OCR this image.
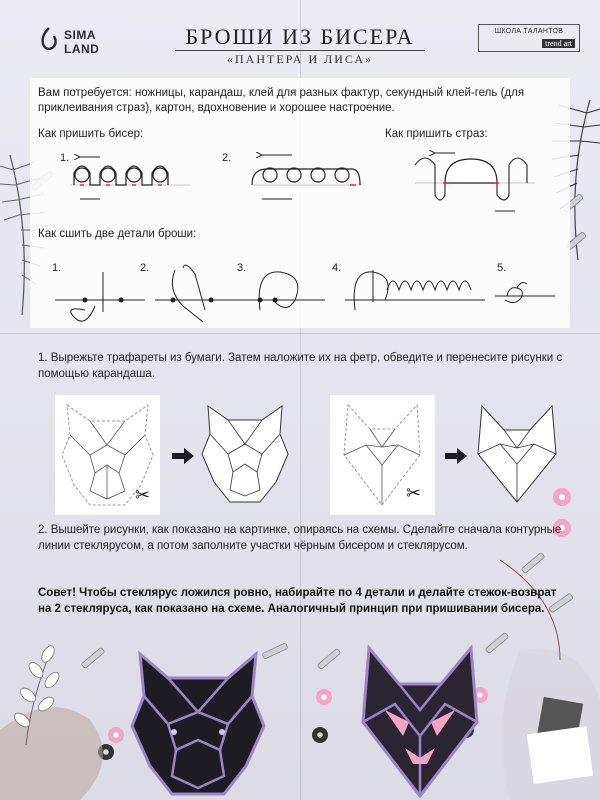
SIMA
LAND	БРОШИ ИЗ БИСЕРА
«ПАНТЕРА И ЛИСА»
ШКОЛА ТАЛАНТОВ
trend art
Вам потребуется: ножницы, карандаш, клей для разных фактур, секундный клей-гель (для приклеивания страз), картон, вдохновение и хорошее настроение.
Как пришить бисер:	Как пришить страз:
1.	2.
Как сшить две детали броши:
1.	2.	3.	4.	5.
1. Вырежьте трафареты из бумаги. Затем наложите их на фетр, обведите и перенесите рисунки с помощью карандаша.
✂	✂
2. Вышейте рисунки, как показано на картинке, опираясь на схемы. Сделайте сначала контурные линии стеклярусом, а потом заполните участки чёрным бисером и стеклярусом.
Совет! Чтобы стеклярус ложился ровно, набирайте по 4 детали и делайте стежок-возврат на 2 стекляруса, как показано на схеме. Аналогичный принцип при пришивании бисера.
